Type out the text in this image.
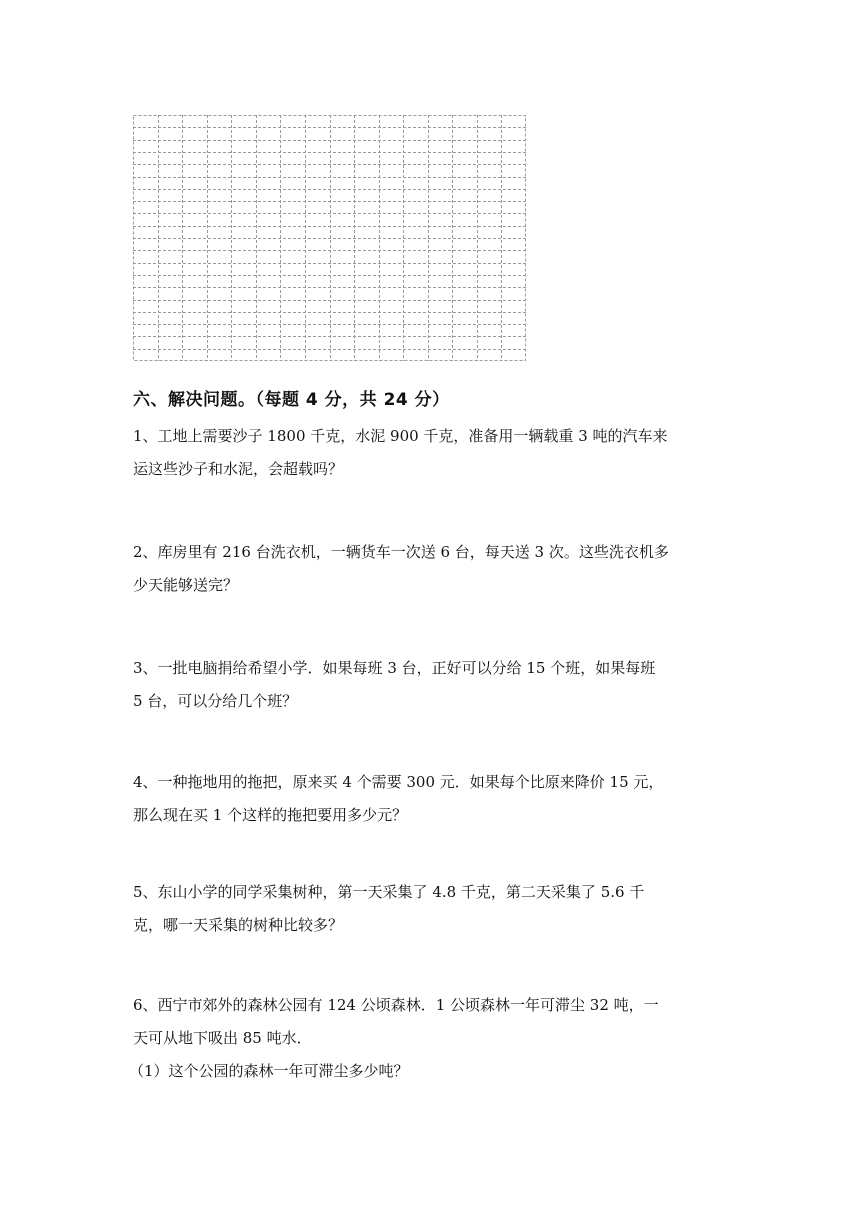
六、解决问题。（每题 4 分，共 24 分）
1、工地上需要沙子 1800 千克，水泥 900 千克，准备用一辆载重 3 吨的汽车来
运这些沙子和水泥，会超载吗？
2、库房里有 216 台洗衣机，一辆货车一次送 6 台，每天送 3 次。这些洗衣机多
少天能够送完？
3、一批电脑捐给希望小学．如果每班 3 台，正好可以分给 15 个班，如果每班
5 台，可以分给几个班？
4、一种拖地用的拖把，原来买 4 个需要 300 元．如果每个比原来降价 15 元，
那么现在买 1 个这样的拖把要用多少元？
5、东山小学的同学采集树种，第一天采集了 4.8 千克，第二天采集了 5.6 千
克，哪一天采集的树种比较多？
6、西宁市郊外的森林公园有 124 公顷森林．1 公顷森林一年可滞尘 32 吨，一
天可从地下吸出 85 吨水．
（1）这个公园的森林一年可滞尘多少吨？
